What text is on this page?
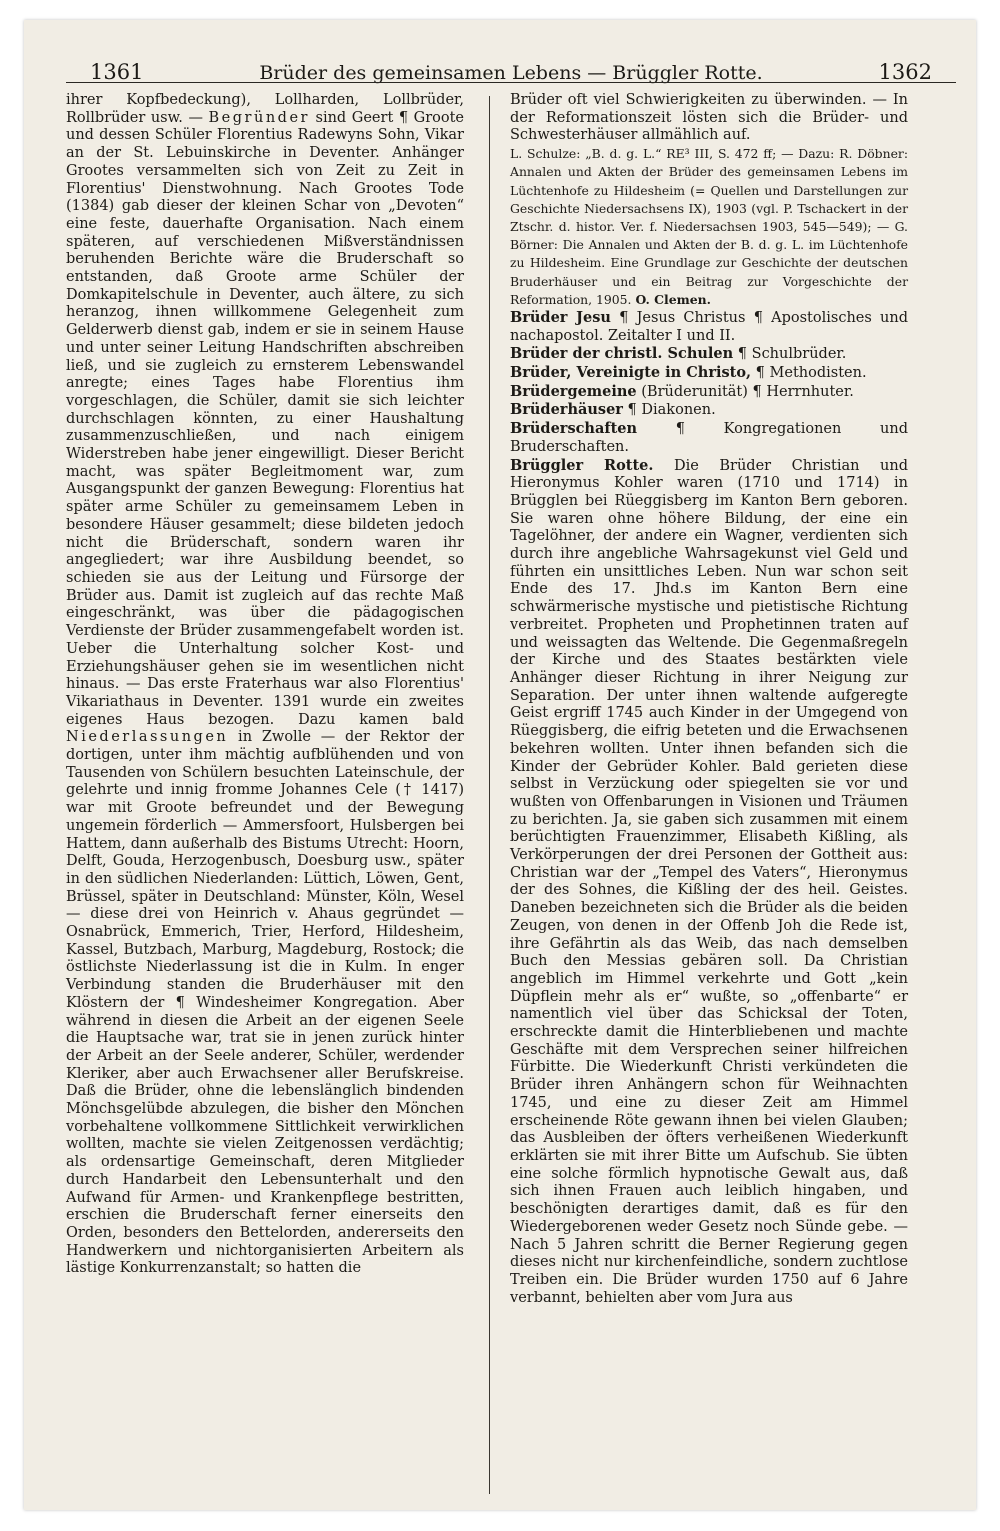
1361	Brüder des gemeinsamen Lebens — Brüggler Rotte.	1362

ihrer Kopfbedeckung), Lollharden, Lollbrüder, Rollbrüder usw. — Begründer sind Geert ¶ Groote und dessen Schüler Florentius Radewyns Sohn, Vikar an der St. Lebuinskirche in Deventer. Anhänger Grootes versammelten sich von Zeit zu Zeit in Florentius' Dienstwohnung. Nach Grootes Tode (1384) gab dieser der kleinen Schar von „Devoten“ eine feste, dauerhafte Organisation. Nach einem späteren, auf verschiedenen Mißverständnissen beruhenden Berichte wäre die Bruderschaft so entstanden, daß Groote arme Schüler der Domkapitelschule in Deventer, auch ältere, zu sich heranzog, ihnen willkommene Gelegenheit zum Gelderwerb dienst gab, indem er sie in seinem Hause und unter seiner Leitung Handschriften abschreiben ließ, und sie zugleich zu ernsterem Lebenswandel anregte; eines Tages habe Florentius ihm vorgeschlagen, die Schüler, damit sie sich leichter durchschlagen könnten, zu einer Haushaltung zusammenzuschließen, und nach einigem Widerstreben habe jener eingewilligt. Dieser Bericht macht, was später Begleitmoment war, zum Ausgangspunkt der ganzen Bewegung: Florentius hat später arme Schüler zu gemeinsamem Leben in besondere Häuser gesammelt; diese bildeten jedoch nicht die Brüderschaft, sondern waren ihr angegliedert; war ihre Ausbildung beendet, so schieden sie aus der Leitung und Fürsorge der Brüder aus. Damit ist zugleich auf das rechte Maß eingeschränkt, was über die pädagogischen Verdienste der Brüder zusammengefabelt worden ist. Ueber die Unterhaltung solcher Kost- und Erziehungshäuser gehen sie im wesentlichen nicht hinaus. — Das erste Fraterhaus war also Florentius' Vikariathaus in Deventer. 1391 wurde ein zweites eigenes Haus bezogen. Dazu kamen bald Niederlassungen in Zwolle — der Rektor der dortigen, unter ihm mächtig aufblühenden und von Tausenden von Schülern besuchten Lateinschule, der gelehrte und innig fromme Johannes Cele († 1417) war mit Groote befreundet und der Bewegung ungemein förderlich — Ammersfoort, Hulsbergen bei Hattem, dann außerhalb des Bistums Utrecht: Hoorn, Delft, Gouda, Herzogenbusch, Doesburg usw., später in den südlichen Niederlanden: Lüttich, Löwen, Gent, Brüssel, später in Deutschland: Münster, Köln, Wesel — diese drei von Heinrich v. Ahaus gegründet — Osnabrück, Emmerich, Trier, Herford, Hildesheim, Kassel, Butzbach, Marburg, Magdeburg, Rostock; die östlichste Niederlassung ist die in Kulm. In enger Verbindung standen die Bruderhäuser mit den Klöstern der ¶ Windesheimer Kongregation. Aber während in diesen die Arbeit an der eigenen Seele die Hauptsache war, trat sie in jenen zurück hinter der Arbeit an der Seele anderer, Schüler, werdender Kleriker, aber auch Erwachsener aller Berufskreise. Daß die Brüder, ohne die lebenslänglich bindenden Mönchsgelübde abzulegen, die bisher den Mönchen vorbehaltene vollkommene Sittlichkeit verwirklichen wollten, machte sie vielen Zeitgenossen verdächtig; als ordensartige Gemeinschaft, deren Mitglieder durch Handarbeit den Lebensunterhalt und den Aufwand für Armen- und Krankenpflege bestritten, erschien die Bruderschaft ferner einerseits den Orden, besonders den Bettelorden, andererseits den Handwerkern und nichtorganisierten Arbeitern als lästige Konkurrenzanstalt; so hatten die

Brüder oft viel Schwierigkeiten zu überwinden. — In der Reformationszeit lösten sich die Brüder- und Schwesterhäuser allmählich auf.

L. Schulze: „B. d. g. L.“ RE³ III, S. 472 ff; — Dazu: R. Döbner: Annalen und Akten der Brüder des gemeinsamen Lebens im Lüchtenhofe zu Hildesheim (= Quellen und Darstellungen zur Geschichte Niedersachsens IX), 1903 (vgl. P. Tschackert in der Ztschr. d. histor. Ver. f. Niedersachsen 1903, 545—549); — G. Börner: Die Annalen und Akten der B. d. g. L. im Lüchtenhofe zu Hildesheim. Eine Grundlage zur Geschichte der deutschen Bruderhäuser und ein Beitrag zur Vorgeschichte der Reformation, 1905. O. Clemen.

Brüder Jesu ¶ Jesus Christus ¶ Apostolisches und nachapostol. Zeitalter I und II.

Brüder der christl. Schulen ¶ Schulbrüder.

Brüder, Vereinigte in Christo, ¶ Methodisten.

Brüdergemeine (Brüderunität) ¶ Herrnhuter.

Brüderhäuser ¶ Diakonen.

Brüderschaften ¶ Kongregationen und Bruderschaften.

Brüggler Rotte. Die Brüder Christian und Hieronymus Kohler waren (1710 und 1714) in Brügglen bei Rüeggisberg im Kanton Bern geboren. Sie waren ohne höhere Bildung, der eine ein Tagelöhner, der andere ein Wagner, verdienten sich durch ihre angebliche Wahrsagekunst viel Geld und führten ein unsittliches Leben. Nun war schon seit Ende des 17. Jhd.s im Kanton Bern eine schwärmerische mystische und pietistische Richtung verbreitet. Propheten und Prophetinnen traten auf und weissagten das Weltende. Die Gegenmaßregeln der Kirche und des Staates bestärkten viele Anhänger dieser Richtung in ihrer Neigung zur Separation. Der unter ihnen waltende aufgeregte Geist ergriff 1745 auch Kinder in der Umgegend von Rüeggisberg, die eifrig beteten und die Erwachsenen bekehren wollten. Unter ihnen befanden sich die Kinder der Gebrüder Kohler. Bald gerieten diese selbst in Verzückung oder spiegelten sie vor und wußten von Offenbarungen in Visionen und Träumen zu berichten. Ja, sie gaben sich zusammen mit einem berüchtigten Frauenzimmer, Elisabeth Kißling, als Verkörperungen der drei Personen der Gottheit aus: Christian war der „Tempel des Vaters“, Hieronymus der des Sohnes, die Kißling der des heil. Geistes. Daneben bezeichneten sich die Brüder als die beiden Zeugen, von denen in der Offenb Joh die Rede ist, ihre Gefährtin als das Weib, das nach demselben Buch den Messias gebären soll. Da Christian angeblich im Himmel verkehrte und Gott „kein Düpflein mehr als er“ wußte, so „offenbarte“ er namentlich viel über das Schicksal der Toten, erschreckte damit die Hinterbliebenen und machte Geschäfte mit dem Versprechen seiner hilfreichen Fürbitte. Die Wiederkunft Christi verkündeten die Brüder ihren Anhängern schon für Weihnachten 1745, und eine zu dieser Zeit am Himmel erscheinende Röte gewann ihnen bei vielen Glauben; das Ausbleiben der öfters verheißenen Wiederkunft erklärten sie mit ihrer Bitte um Aufschub. Sie übten eine solche förmlich hypnotische Gewalt aus, daß sich ihnen Frauen auch leiblich hingaben, und beschönigten derartiges damit, daß es für den Wiedergeborenen weder Gesetz noch Sünde gebe. — Nach 5 Jahren schritt die Berner Regierung gegen dieses nicht nur kirchenfeindliche, sondern zuchtlose Treiben ein. Die Brüder wurden 1750 auf 6 Jahre verbannt, behielten aber vom Jura aus
